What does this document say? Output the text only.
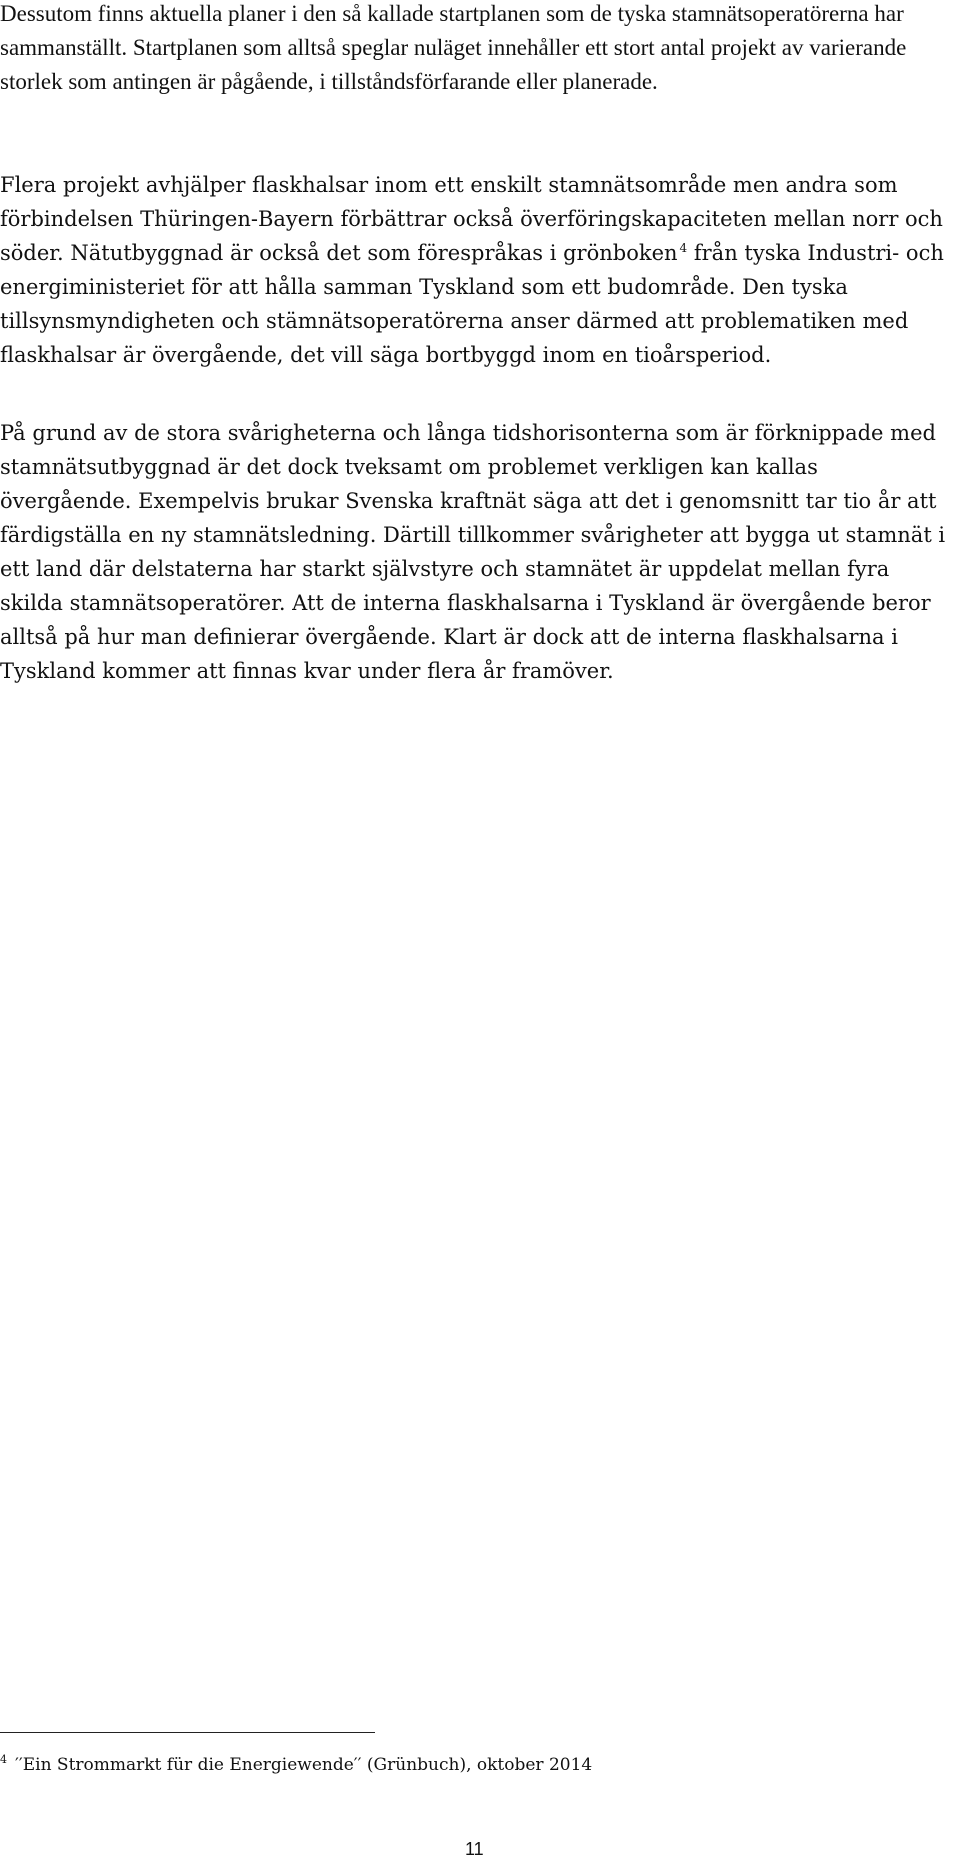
Dessutom finns aktuella planer i den så kallade startplanen som de tyska stamnätsoperatörerna har sammanställt. Startplanen som alltså speglar nuläget innehåller ett stort antal projekt av varierande storlek som antingen är pågående, i tillståndsförfarande eller planerade.

Flera projekt avhjälper flaskhalsar inom ett enskilt stamnätsområde men andra som förbindelsen Thüringen-Bayern förbättrar också överföringskapaciteten mellan norr och söder. Nätutbyggnad är också det som förespråkas i grönboken $^4$ från tyska Industri- och energiministeriet för att hålla samman Tyskland som ett budområde. Den tyska tillsynsmyndigheten och stämnätsoperatörerna anser därmed att problematiken med flaskhalsar är övergående, det vill säga bortbyggd inom en tioårsperiod.

På grund av de stora svårigheterna och långa tidshorisonterna som är förknippade med stamnätsutbyggnad är det dock tveksamt om problemet verkligen kan kallas övergående. Exempelvis brukar Svenska kraftnät säga att det i genomsnitt tar tio år att färdigställa en ny stamnätsledning. Därtill tillkommer svårigheter att bygga ut stamnät i ett land där delstaterna har starkt självstyre och stamnätet är uppdelat mellan fyra skilda stamnätsoperatörer. Att de interna flaskhalsarna i Tyskland är övergående beror alltså på hur man definierar övergående. Klart är dock att de interna flaskhalsarna i Tyskland kommer att finnas kvar under flera år framöver.

$^4$ ′′Ein Strommarkt für die Energiewende′′ (Grünbuch), oktober 2014

11
